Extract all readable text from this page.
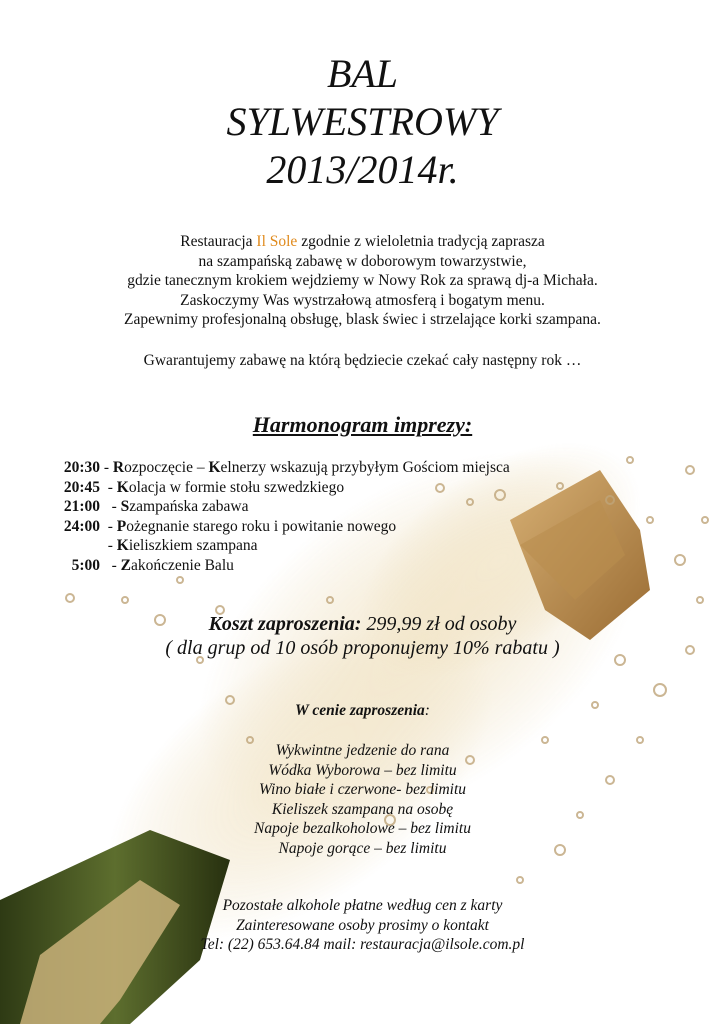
BAL
SYLWESTROWY
2013/2014r.
Restauracja Il Sole zgodnie z wieloletnia tradycją zaprasza
na szampańską zabawę w doborowym towarzystwie,
gdzie tanecznym krokiem wejdziemy w Nowy Rok za sprawą dj-a Michała.
Zaskoczymy Was wystrzałową atmosferą i bogatym menu.
Zapewnimy profesjonalną obsługę, blask świec i strzelające korki szampana.
Gwarantujemy zabawę na którą będziecie czekać cały następny rok …
Harmonogram imprezy:
20:30 - Rozpoczęcie – Kelnerzy wskazują przybyłym Gościom miejsca
20:45  - Kolacja w formie stołu szwedzkiego
21:00   - Szampańska zabawa
24:00  - Pożegnanie starego roku i powitanie nowego
- Kieliszkiem szampana
5:00   - Zakończenie Balu
Koszt zaproszenia: 299,99 zł od osoby
( dla grup od 10 osób proponujemy 10% rabatu )
W cenie zaproszenia:
Wykwintne jedzenie do rana
Wódka Wyborowa – bez limitu
Wino białe i czerwone- bez limitu
Kieliszek szampana na osobę
Napoje bezalkoholowe – bez limitu
Napoje gorące – bez limitu
Pozostałe alkohole płatne według cen z karty
Zainteresowane osoby prosimy o kontakt
Tel: (22) 653.64.84 mail: restauracja@ilsole.com.pl
